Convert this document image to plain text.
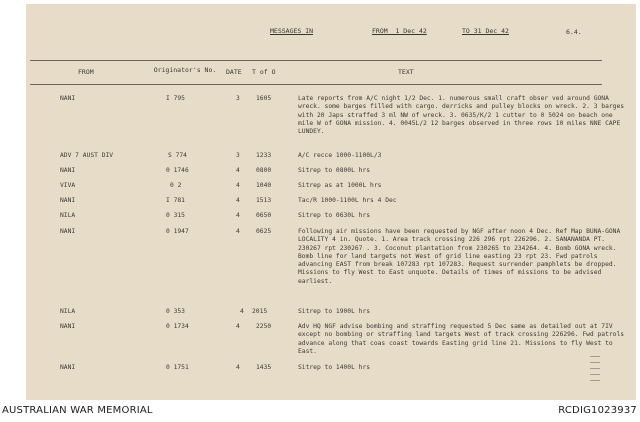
MESSAGES IN	FROM  1 Dec 42	TO 31 Dec 42	6.4.
FROM	Originator's No. DATE T of O	TEXT
NANI	I 795	3	1605	Late reports from A/C night 1/2 Dec. 1. numerous small craft obser ved around GONA wreck. some barges filled with cargo. derricks and pulley blocks on wreck. 2. 3 barges with 20 Japs straffed 3 ml NW of wreck. 3. 0635/K/2 1 cutter to 0 5024 on beach one mile W of GONA mission. 4. 0045L/2 12 barges observed in three rows 10 miles NNE CAPE LUNDEY.
ADV 7 AUST DIV	S 774	3	1233	A/C recce 1000-1100L/3
NANI	0 1746	4	0800	Sitrep to 0800L hrs
VIVA	0 2	4	1040	Sitrep as at 1000L hrs
NANI	I 781	4	1513	Tac/R 1000-1100L hrs 4 Dec
NILA	0 315	4	0650	Sitrep to 0630L hrs
NANI	0 1947	4	0625	Following air missions have been requested by NGF after noon 4 Dec. Ref Map BUNA-GONA LOCALITY 4 in. Quote. 1. Area track crossing 226 296 rpt 226296. 2. SANANANDA PT. 230267 rpt 230267 . 3. Coconut plantation from 230265 to 234264. 4. Bomb GONA wreck. Bomb line for land targets not West of grid line easting 23 rpt 23. Fwd patrols advancing EAST from break 107283 rpt 107283. Request surrender pamphlets be dropped. Missions to fly West to East unquote. Details of times of missions to be advised earliest.
NILA	0 353	4 2015	Sitrep to 1900L hrs
NANI	0 1734	4	2250	Adv HQ NGF advise bombing and straffing requested 5 Dec same as detailed out at 7IV except no bombing or straffing land targets West of track crossing 226296. Fwd patrols advance along that coas coast towards Easting grid line 21. Missions to fly West to East.
NANI	0 1751	4	1435	Sitrep to 1400L hrs
AUSTRALIAN WAR MEMORIAL	RCDIG1023937
